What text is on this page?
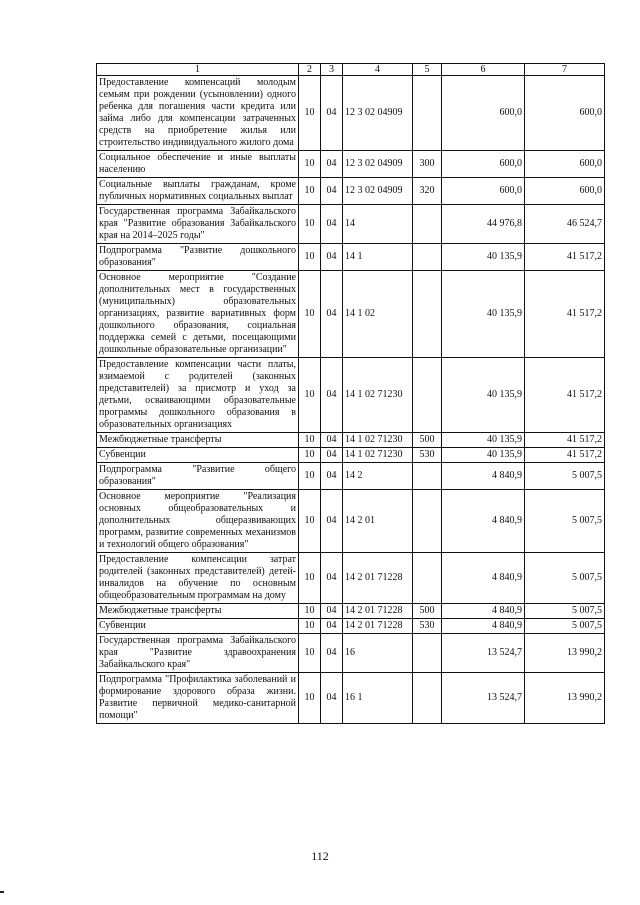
1	2	3	4	5	6	7
Предоставление компенсаций молодым семьям при рождении (усыновлении) одного ребенка для погашения части кредита или займа либо для компенсации затраченных средств на приобретение жилья или строительство индивидуального жилого дома	10	04	12 3 02 04909		600,0	600,0
Социальное обеспечение и иные выплаты населению	10	04	12 3 02 04909	300	600,0	600,0
Социальные выплаты гражданам, кроме публичных нормативных социальных выплат	10	04	12 3 02 04909	320	600,0	600,0
Государственная программа Забайкальского края "Развитие образования Забайкальского края на 2014–2025 годы"	10	04	14		44 976,8	46 524,7
Подпрограмма "Развитие дошкольного образования"	10	04	14 1		40 135,9	41 517,2
Основное мероприятие "Создание дополнительных мест в государственных (муниципальных) образовательных организациях, развитие вариативных форм дошкольного образования, социальная поддержка семей с детьми, посещающими дошкольные образовательные организации"	10	04	14 1 02		40 135,9	41 517,2
Предоставление компенсации части платы, взимаемой с родителей (законных представителей) за присмотр и уход за детьми, осваивающими образовательные программы дошкольного образования в образовательных организациях	10	04	14 1 02 71230		40 135,9	41 517,2
Межбюджетные трансферты	10	04	14 1 02 71230	500	40 135,9	41 517,2
Субвенции	10	04	14 1 02 71230	530	40 135,9	41 517,2
Подпрограмма "Развитие общего образования"	10	04	14 2		4 840,9	5 007,5
Основное мероприятие "Реализация основных общеобразовательных и дополнительных общеразвивающих программ, развитие современных механизмов и технологий общего образования"	10	04	14 2 01		4 840,9	5 007,5
Предоставление компенсации затрат родителей (законных представителей) детей-инвалидов на обучение по основным общеобразовательным программам на дому	10	04	14 2 01 71228		4 840,9	5 007,5
Межбюджетные трансферты	10	04	14 2 01 71228	500	4 840,9	5 007,5
Субвенции	10	04	14 2 01 71228	530	4 840,9	5 007,5
Государственная программа Забайкальского края "Развитие здравоохранения Забайкальского края"	10	04	16		13 524,7	13 990,2
Подпрограмма "Профилактика заболеваний и формирование здорового образа жизни. Развитие первичной медико-санитарной помощи"	10	04	16 1		13 524,7	13 990,2
112
